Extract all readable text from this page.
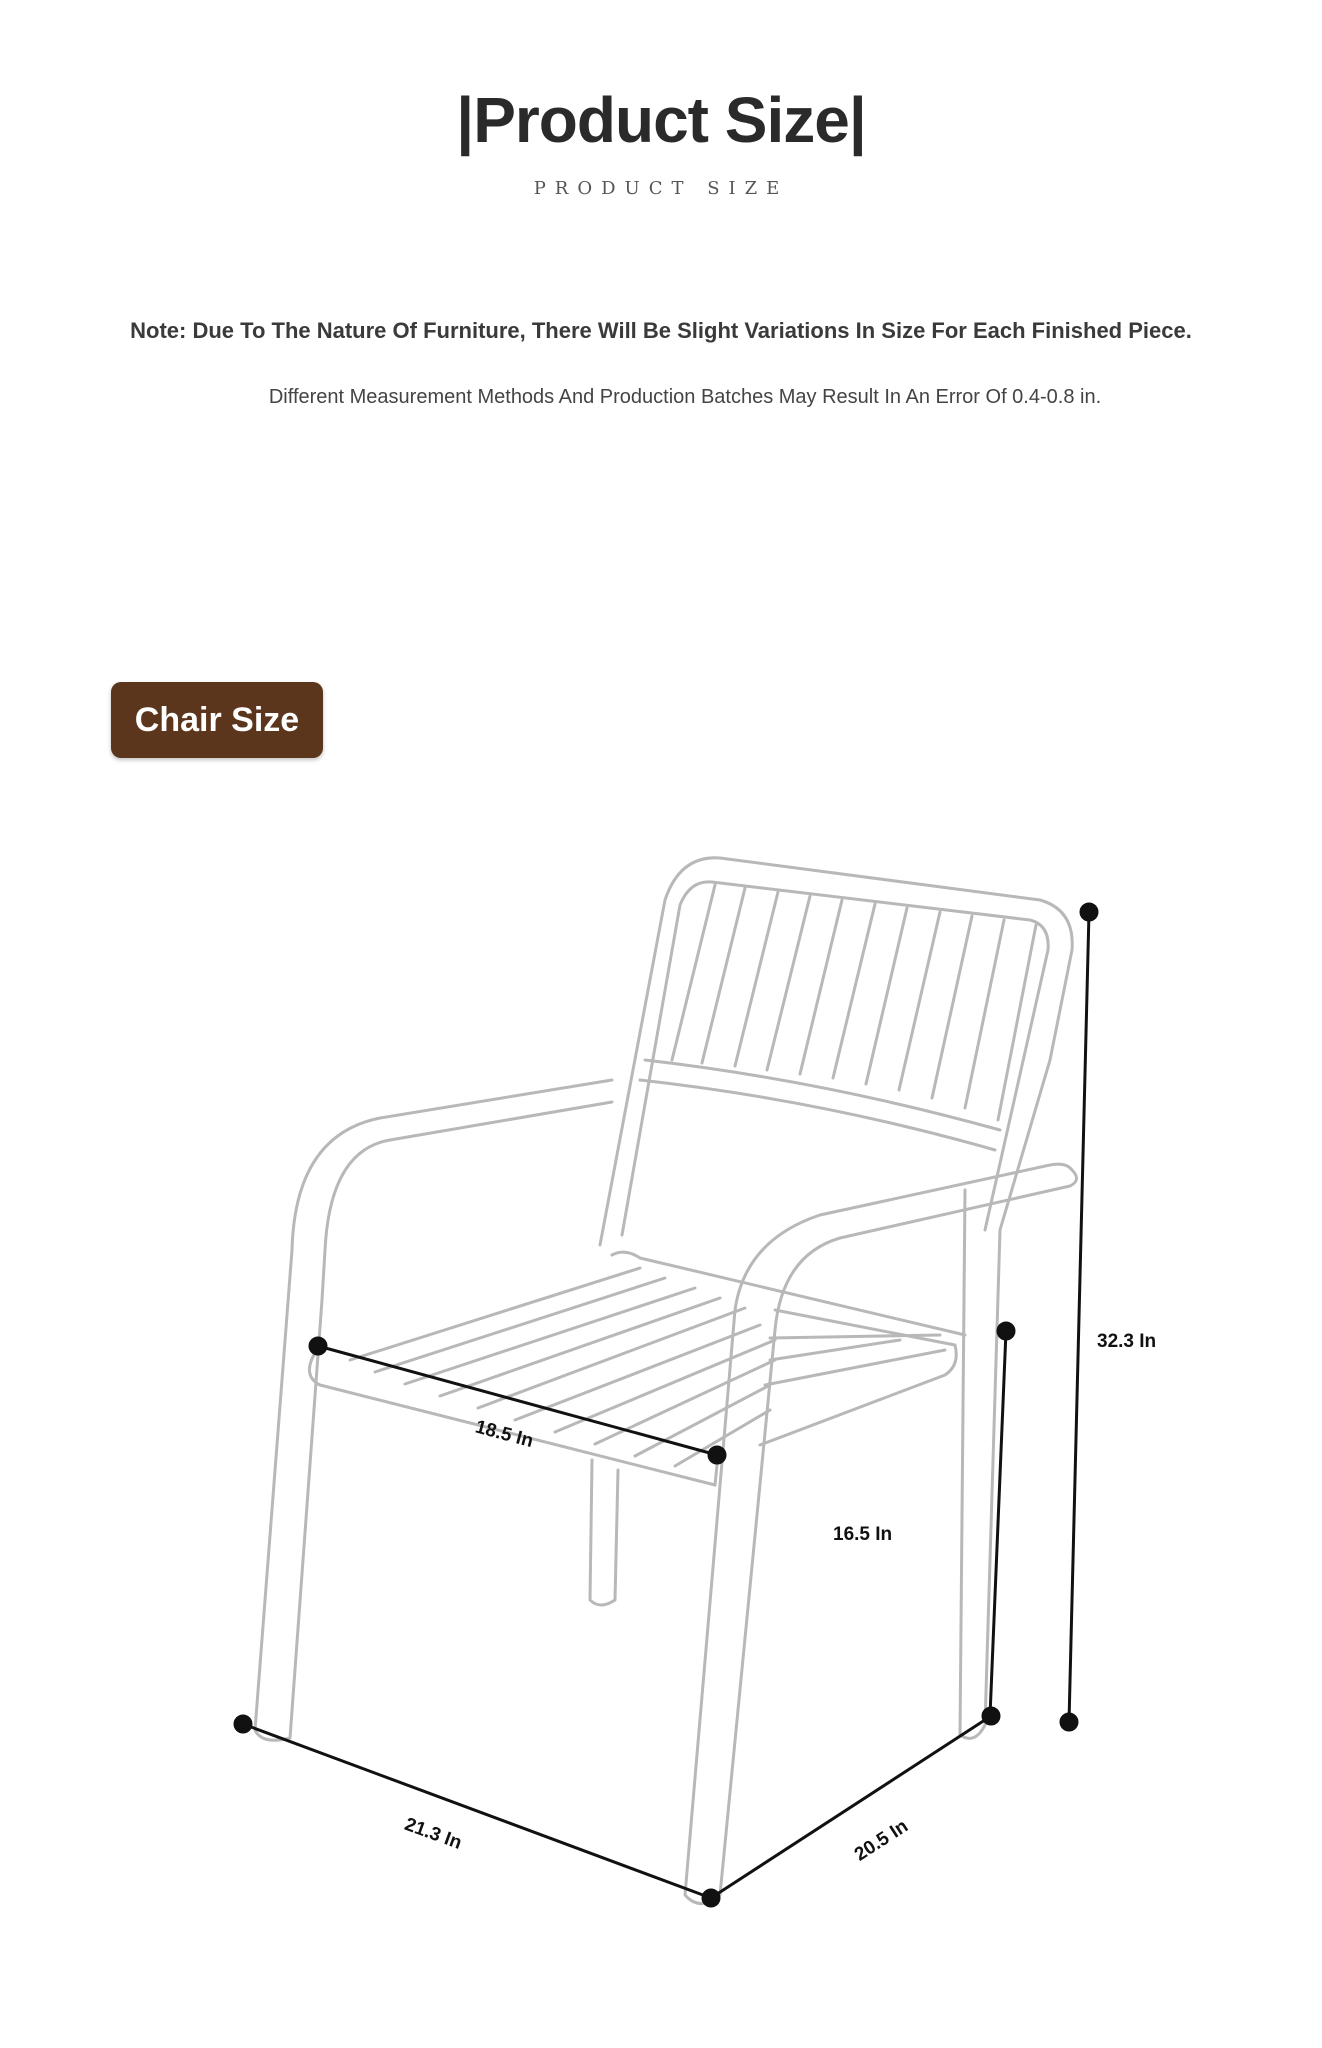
|Product Size|
PRODUCT SIZE
Note: Due To The Nature Of Furniture, There Will Be Slight Variations In Size For Each Finished Piece.
Different Measurement Methods And Production Batches May Result In An Error Of 0.4-0.8 in.
Chair Size
18.5 In
16.5 In
32.3 In
21.3 In	20.5 In
